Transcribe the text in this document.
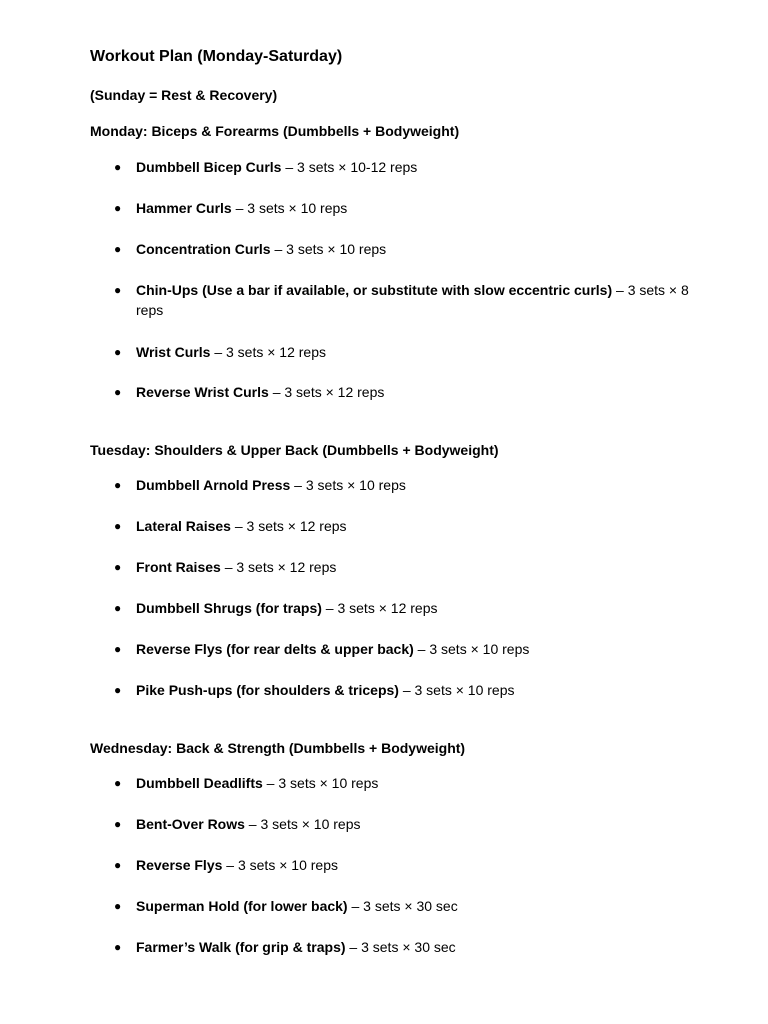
Workout Plan (Monday-Saturday)
(Sunday = Rest & Recovery)
Monday: Biceps & Forearms (Dumbbells + Bodyweight)
● Dumbbell Bicep Curls – 3 sets × 10-12 reps
● Hammer Curls – 3 sets × 10 reps
● Concentration Curls – 3 sets × 10 reps
● Chin-Ups (Use a bar if available, or substitute with slow eccentric curls) – 3 sets × 8 reps
● Wrist Curls – 3 sets × 12 reps
● Reverse Wrist Curls – 3 sets × 12 reps
Tuesday: Shoulders & Upper Back (Dumbbells + Bodyweight)
● Dumbbell Arnold Press – 3 sets × 10 reps
● Lateral Raises – 3 sets × 12 reps
● Front Raises – 3 sets × 12 reps
● Dumbbell Shrugs (for traps) – 3 sets × 12 reps
● Reverse Flys (for rear delts & upper back) – 3 sets × 10 reps
● Pike Push-ups (for shoulders & triceps) – 3 sets × 10 reps
Wednesday: Back & Strength (Dumbbells + Bodyweight)
● Dumbbell Deadlifts – 3 sets × 10 reps
● Bent-Over Rows – 3 sets × 10 reps
● Reverse Flys – 3 sets × 10 reps
● Superman Hold (for lower back) – 3 sets × 30 sec
● Farmer’s Walk (for grip & traps) – 3 sets × 30 sec
